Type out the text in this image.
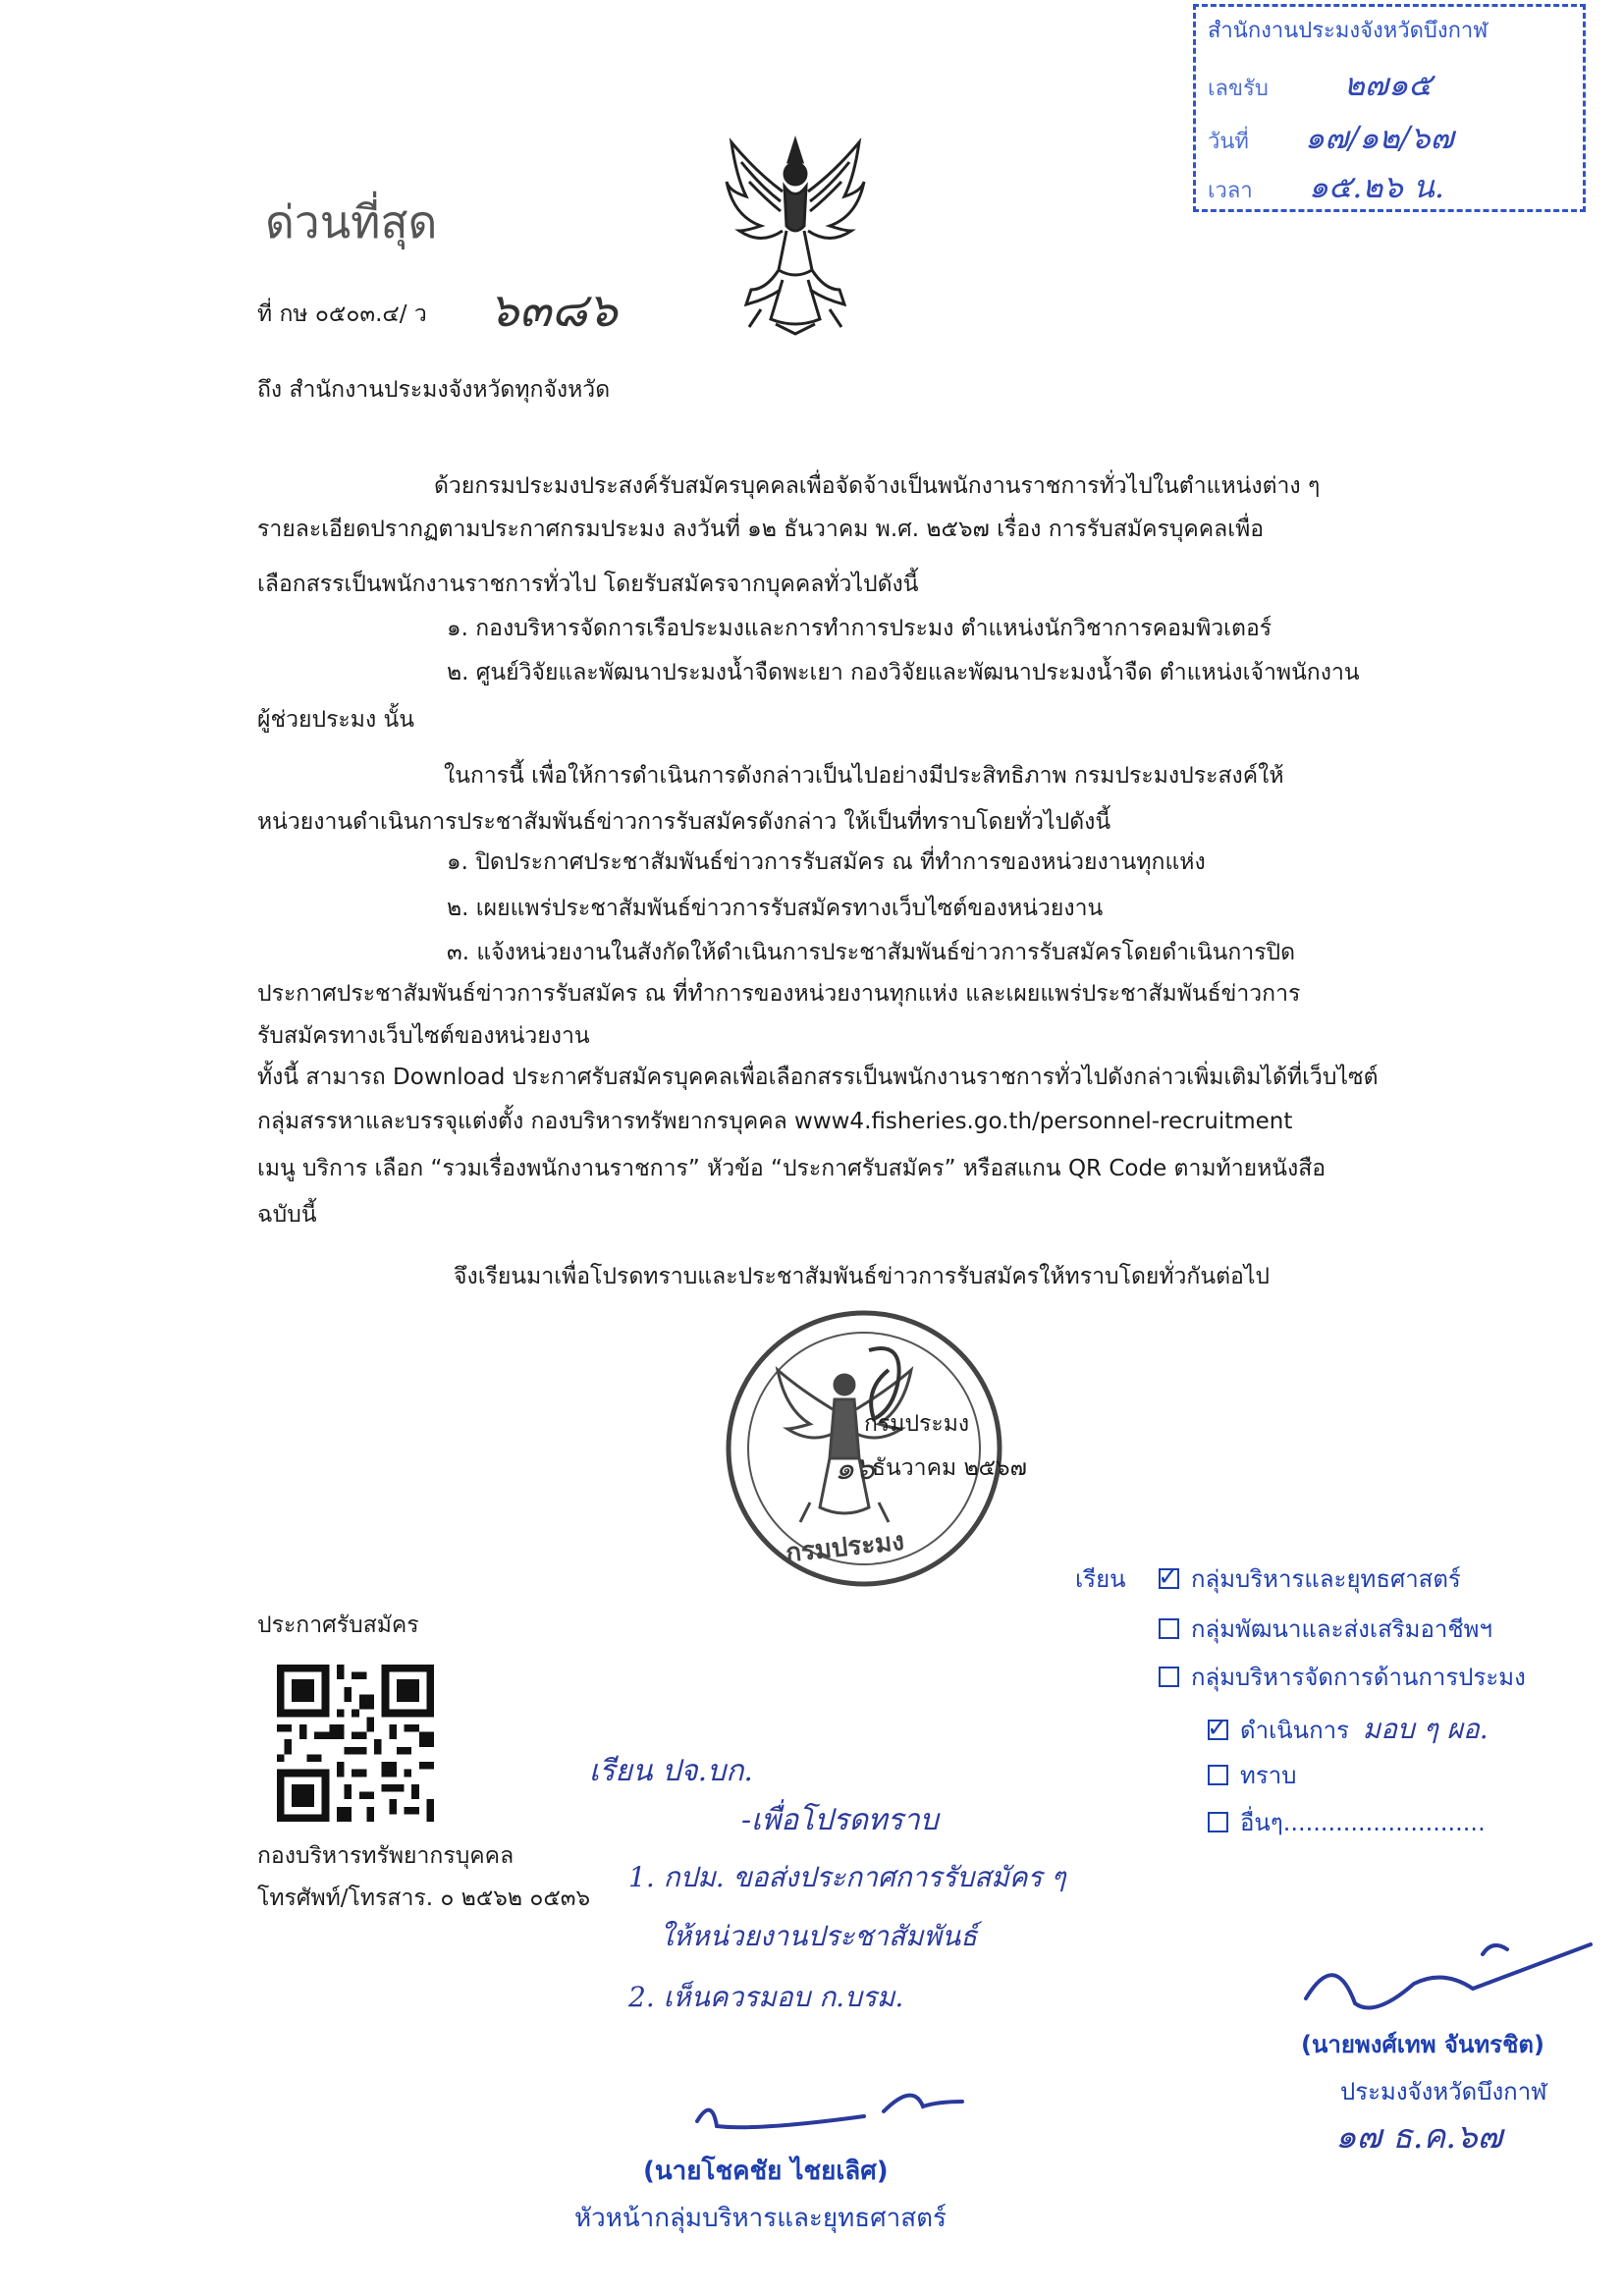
สำนักงานประมงจังหวัดบึงกาฬ
เลขรับ ๒๗๑๕
วันที่ ๑๗/๑๒/๖๗
เวลา ๑๕.๒๖ น.
ด่วนที่สุด
ที่ กษ ๐๕๐๓.๔/ ว ๖๓๘๖
ถึง สำนักงานประมงจังหวัดทุกจังหวัด
ด้วยกรมประมงประสงค์รับสมัครบุคคลเพื่อจัดจ้างเป็นพนักงานราชการทั่วไปในตำแหน่งต่าง ๆ
รายละเอียดปรากฏตามประกาศกรมประมง ลงวันที่ ๑๒ ธันวาคม พ.ศ. ๒๕๖๗ เรื่อง การรับสมัครบุคคลเพื่อ
เลือกสรรเป็นพนักงานราชการทั่วไป โดยรับสมัครจากบุคคลทั่วไปดังนี้
๑. กองบริหารจัดการเรือประมงและการทำการประมง ตำแหน่งนักวิชาการคอมพิวเตอร์
๒. ศูนย์วิจัยและพัฒนาประมงน้ำจืดพะเยา กองวิจัยและพัฒนาประมงน้ำจืด ตำแหน่งเจ้าพนักงาน
ผู้ช่วยประมง นั้น
ในการนี้ เพื่อให้การดำเนินการดังกล่าวเป็นไปอย่างมีประสิทธิภาพ กรมประมงประสงค์ให้
หน่วยงานดำเนินการประชาสัมพันธ์ข่าวการรับสมัครดังกล่าว ให้เป็นที่ทราบโดยทั่วไปดังนี้
๑. ปิดประกาศประชาสัมพันธ์ข่าวการรับสมัคร ณ ที่ทำการของหน่วยงานทุกแห่ง
๒. เผยแพร่ประชาสัมพันธ์ข่าวการรับสมัครทางเว็บไซต์ของหน่วยงาน
๓. แจ้งหน่วยงานในสังกัดให้ดำเนินการประชาสัมพันธ์ข่าวการรับสมัครโดยดำเนินการปิด
ประกาศประชาสัมพันธ์ข่าวการรับสมัคร ณ ที่ทำการของหน่วยงานทุกแห่ง และเผยแพร่ประชาสัมพันธ์ข่าวการ
รับสมัครทางเว็บไซต์ของหน่วยงาน
ทั้งนี้ สามารถ Download ประกาศรับสมัครบุคคลเพื่อเลือกสรรเป็นพนักงานราชการทั่วไปดังกล่าวเพิ่มเติมได้ที่เว็บไซต์
กลุ่มสรรหาและบรรจุแต่งตั้ง กองบริหารทรัพยากรบุคคล www4.fisheries.go.th/personnel-recruitment
เมนู บริการ เลือก “รวมเรื่องพนักงานราชการ” หัวข้อ “ประกาศรับสมัคร” หรือสแกน QR Code ตามท้ายหนังสือ
ฉบับนี้
จึงเรียนมาเพื่อโปรดทราบและประชาสัมพันธ์ข่าวการรับสมัครให้ทราบโดยทั่วกันต่อไป
กรมประมง
๑๖
ธันวาคม ๒๕๖๗
กรมประมง
ประกาศรับสมัคร
กองบริหารทรัพยากรบุคคล
โทรศัพท์/โทรสาร. ๐ ๒๕๖๒ ๐๕๓๖
เรียน ✓ กลุ่มบริหารและยุทธศาสตร์
กลุ่มพัฒนาและส่งเสริมอาชีพฯ
กลุ่มบริหารจัดการด้านการประมง
✓ ดำเนินการ มอบ ๆ ผอ.
ทราบ
อื่นๆ...........................
เรียน ปจ.บก.
-เพื่อโปรดทราบ
1. กปม. ขอส่งประกาศการรับสมัคร ๆ
ให้หน่วยงานประชาสัมพันธ์
2. เห็นควรมอบ ก.บรม.
(นายโชคชัย ไชยเลิศ)
หัวหน้ากลุ่มบริหารและยุทธศาสตร์
(นายพงศ์เทพ จันทรชิต)
ประมงจังหวัดบึงกาฬ
๑๗ ธ.ค.๖๗
